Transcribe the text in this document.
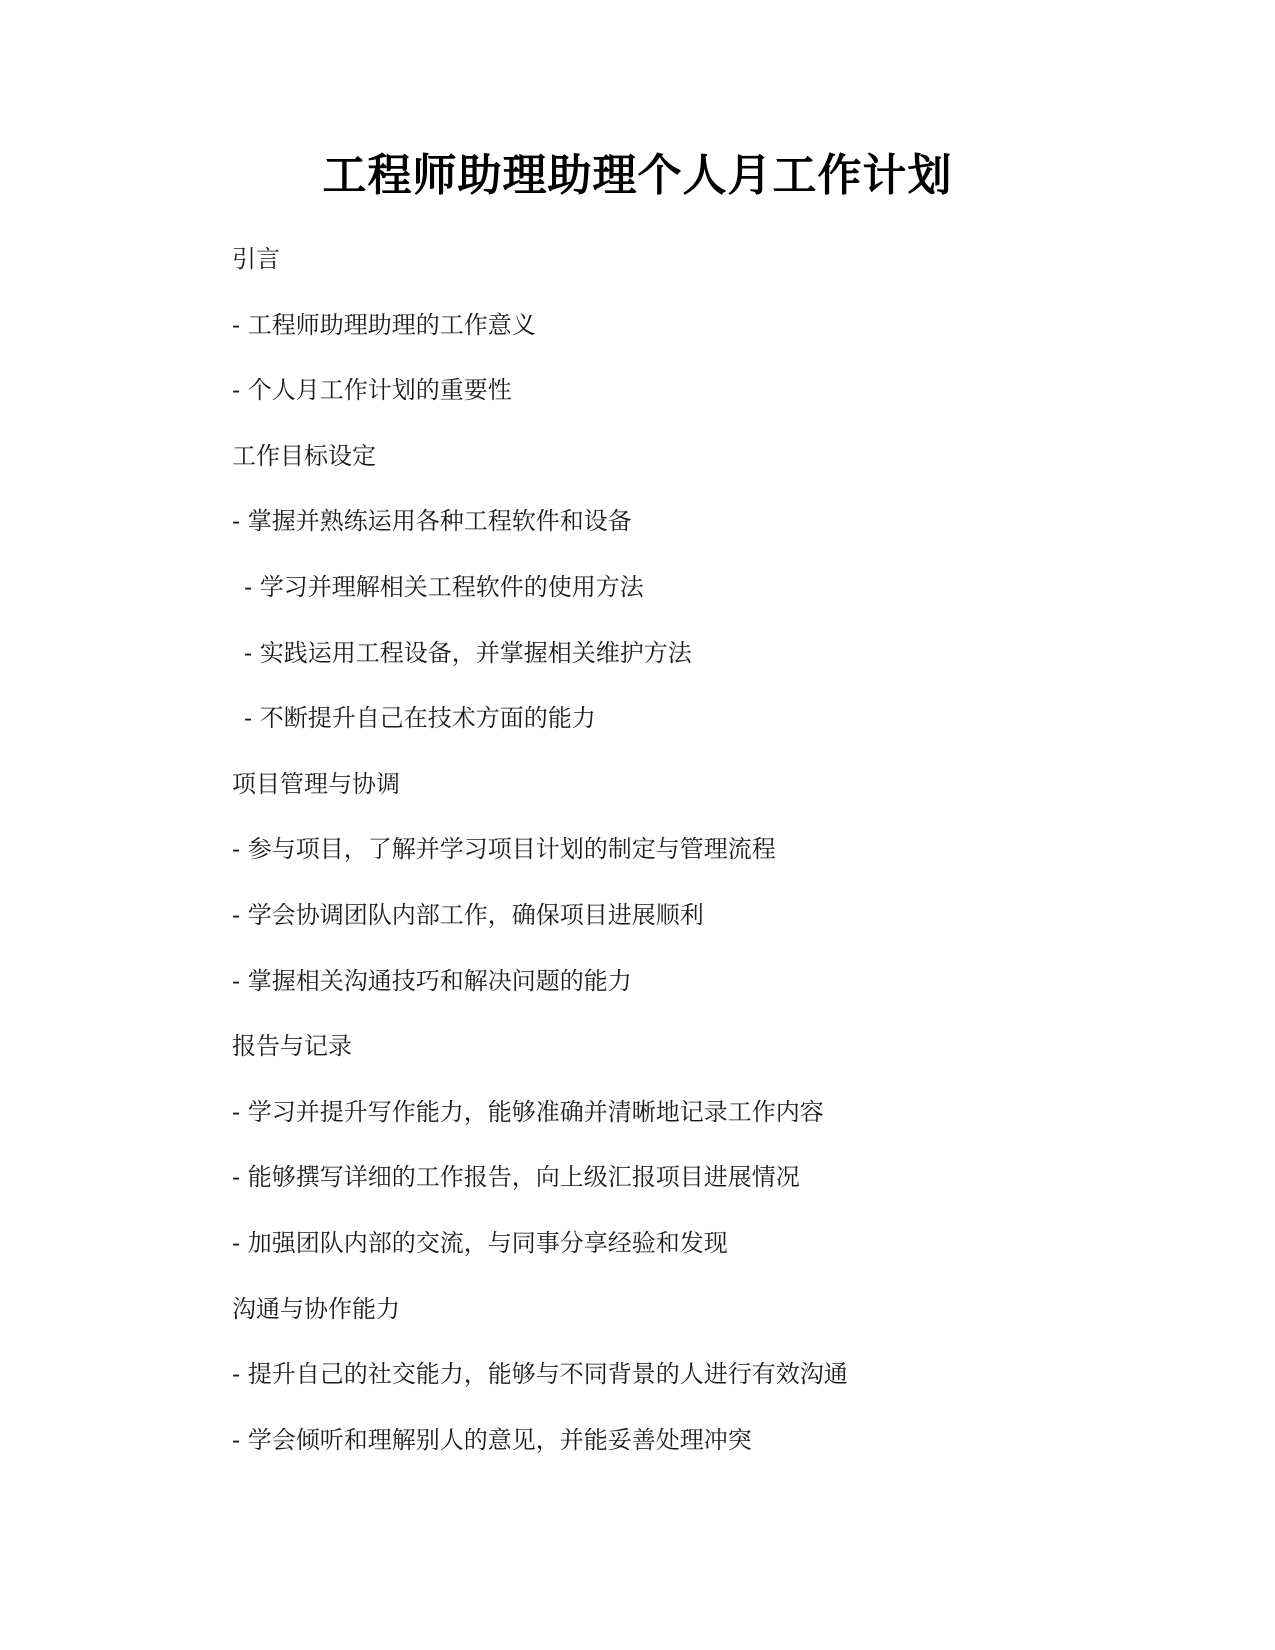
工程师助理助理个人月工作计划
引言
- 工程师助理助理的工作意义
- 个人月工作计划的重要性
工作目标设定
- 掌握并熟练运用各种工程软件和设备
- 学习并理解相关工程软件的使用方法
- 实践运用工程设备，并掌握相关维护方法
- 不断提升自己在技术方面的能力
项目管理与协调
- 参与项目，了解并学习项目计划的制定与管理流程
- 学会协调团队内部工作，确保项目进展顺利
- 掌握相关沟通技巧和解决问题的能力
报告与记录
- 学习并提升写作能力，能够准确并清晰地记录工作内容
- 能够撰写详细的工作报告，向上级汇报项目进展情况
- 加强团队内部的交流，与同事分享经验和发现
沟通与协作能力
- 提升自己的社交能力，能够与不同背景的人进行有效沟通
- 学会倾听和理解别人的意见，并能妥善处理冲突
